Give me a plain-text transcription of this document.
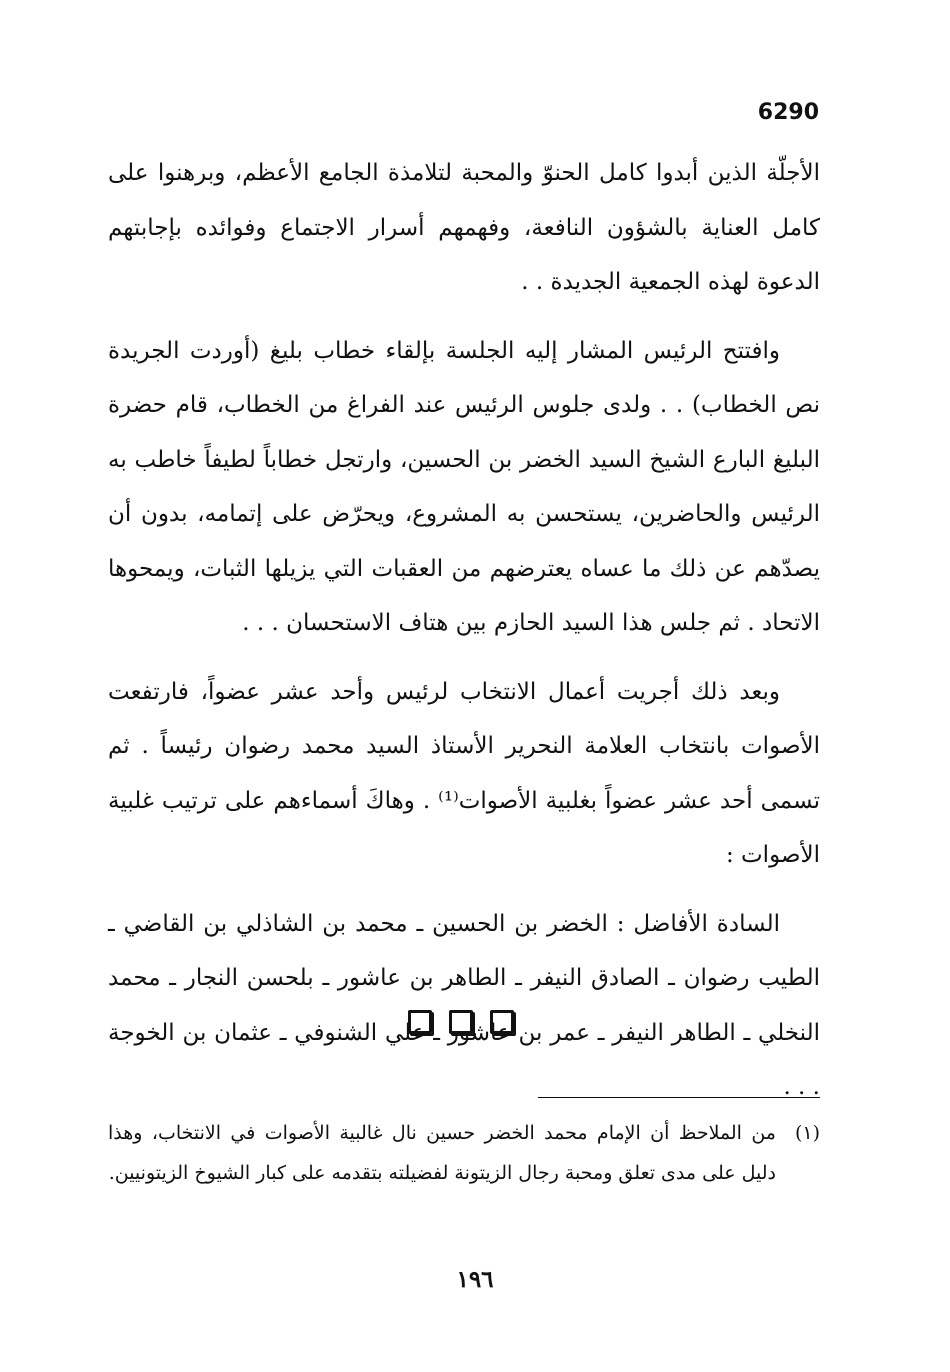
6290

الأجلّة الذين أبدوا كامل الحنوّ والمحبة لتلامذة الجامع الأعظم، وبرهنوا على كامل العناية بالشؤون النافعة، وفهمهم أسرار الاجتماع وفوائده بإجابتهم الدعوة لهذه الجمعية الجديدة . .

وافتتح الرئيس المشار إليه الجلسة بإلقاء خطاب بليغ (أوردت الجريدة نص الخطاب) . . ولدى جلوس الرئيس عند الفراغ من الخطاب، قام حضرة البليغ البارع الشيخ السيد الخضر بن الحسين، وارتجل خطاباً لطيفاً خاطب به الرئيس والحاضرين، يستحسن به المشروع، ويحرّض على إتمامه، بدون أن يصدّهم عن ذلك ما عساه يعترضهم من العقبات التي يزيلها الثبات، ويمحوها الاتحاد . ثم جلس هذا السيد الحازم بين هتاف الاستحسان . . .

وبعد ذلك أجريت أعمال الانتخاب لرئيس وأحد عشر عضواً، فارتفعت الأصوات بانتخاب العلامة النحرير الأستاذ السيد محمد رضوان رئيساً . ثم تسمى أحد عشر عضواً بغلبية الأصوات⁽¹⁾ . وهاكَ أسماءهم على ترتيب غلبية الأصوات :

السادة الأفاضل : الخضر بن الحسين ـ محمد بن الشاذلي بن القاضي ـ الطيب رضوان ـ الصادق النيفر ـ الطاهر بن عاشور ـ بلحسن النجار ـ محمد النخلي ـ الطاهر النيفر ـ عمر بن عاشور ـ علي الشنوفي ـ عثمان بن الخوجة . . .

(١)
من الملاحظ أن الإمام محمد الخضر حسين نال غالبية الأصوات في الانتخاب، وهذا دليل على مدى تعلق ومحبة رجال الزيتونة لفضيلته بتقدمه على كبار الشيوخ الزيتونيين.
١٩٦
